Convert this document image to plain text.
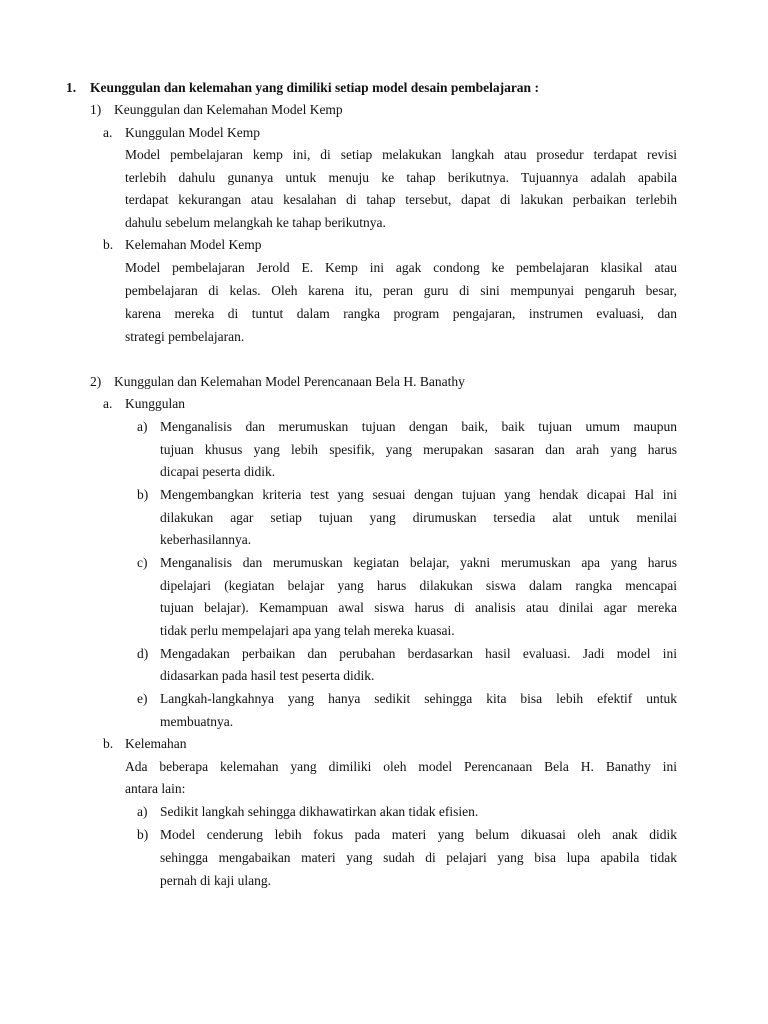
1. Keunggulan dan kelemahan yang dimiliki setiap model desain pembelajaran :
1) Keunggulan dan Kelemahan Model Kemp
a. Kunggulan Model Kemp
Model pembelajaran kemp ini, di setiap melakukan langkah atau prosedur terdapat revisi
terlebih dahulu gunanya untuk menuju ke tahap berikutnya. Tujuannya adalah apabila
terdapat kekurangan atau kesalahan di tahap tersebut, dapat di lakukan perbaikan terlebih
dahulu sebelum melangkah ke tahap berikutnya.
b. Kelemahan Model Kemp
Model pembelajaran Jerold E. Kemp ini agak condong ke pembelajaran klasikal atau
pembelajaran di kelas. Oleh karena itu, peran guru di sini mempunyai pengaruh besar,
karena mereka di tuntut dalam rangka program pengajaran, instrumen evaluasi, dan
strategi pembelajaran.
2) Kunggulan dan Kelemahan Model Perencanaan Bela H. Banathy
a. Kunggulan
a) Menganalisis dan merumuskan tujuan dengan baik, baik tujuan umum maupun
tujuan khusus yang lebih spesifik, yang merupakan sasaran dan arah yang harus
dicapai peserta didik.
b) Mengembangkan kriteria test yang sesuai dengan tujuan yang hendak dicapai Hal ini
dilakukan agar setiap tujuan yang dirumuskan tersedia alat untuk menilai
keberhasilannya.
c) Menganalisis dan merumuskan kegiatan belajar, yakni merumuskan apa yang harus
dipelajari (kegiatan belajar yang harus dilakukan siswa dalam rangka mencapai
tujuan belajar). Kemampuan awal siswa harus di analisis atau dinilai agar mereka
tidak perlu mempelajari apa yang telah mereka kuasai.
d) Mengadakan perbaikan dan perubahan berdasarkan hasil evaluasi. Jadi model ini
didasarkan pada hasil test peserta didik.
e) Langkah-langkahnya yang hanya sedikit sehingga kita bisa lebih efektif untuk
membuatnya.
b. Kelemahan
Ada beberapa kelemahan yang dimiliki oleh model Perencanaan Bela H. Banathy ini
antara lain:
a) Sedikit langkah sehingga dikhawatirkan akan tidak efisien.
b) Model cenderung lebih fokus pada materi yang belum dikuasai oleh anak didik
sehingga mengabaikan materi yang sudah di pelajari yang bisa lupa apabila tidak
pernah di kaji ulang.
